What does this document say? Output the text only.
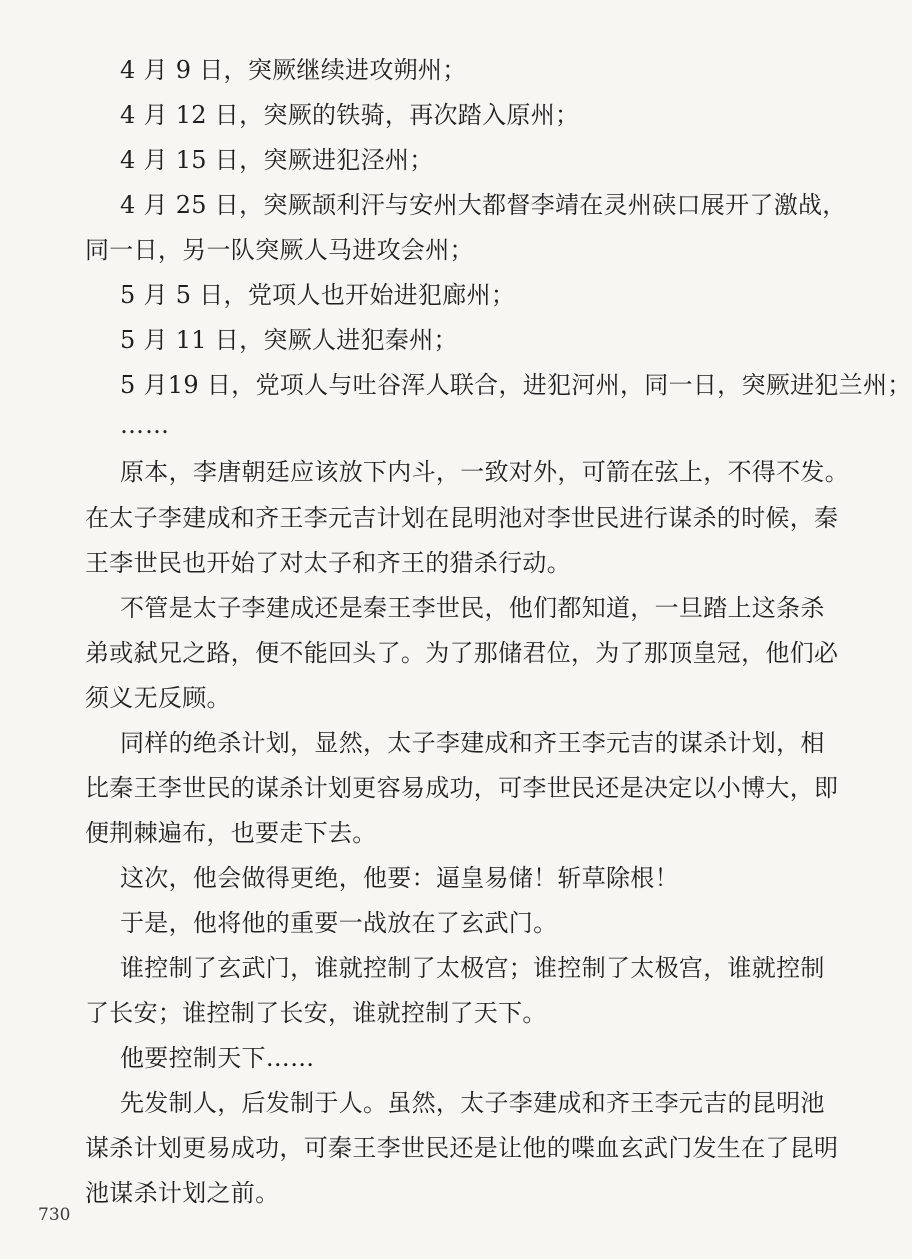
4 月 9 日，突厥继续进攻朔州；
4 月 12 日，突厥的铁骑，再次踏入原州；
4 月 15 日，突厥进犯泾州；
4 月 25 日，突厥颉利汗与安州大都督李靖在灵州硖口展开了激战，
同一日，另一队突厥人马进攻会州；
5 月 5 日，党项人也开始进犯廊州；
5 月 11 日，突厥人进犯秦州；
5 月19 日，党项人与吐谷浑人联合，进犯河州，同一日，突厥进犯兰州；
……
原本，李唐朝廷应该放下内斗，一致对外，可箭在弦上，不得不发。
在太子李建成和齐王李元吉计划在昆明池对李世民进行谋杀的时候，秦
王李世民也开始了对太子和齐王的猎杀行动。
不管是太子李建成还是秦王李世民，他们都知道，一旦踏上这条杀
弟或弑兄之路，便不能回头了。为了那储君位，为了那顶皇冠，他们必
须义无反顾。
同样的绝杀计划，显然，太子李建成和齐王李元吉的谋杀计划，相
比秦王李世民的谋杀计划更容易成功，可李世民还是决定以小博大，即
便荆棘遍布，也要走下去。
这次，他会做得更绝，他要：逼皇易储！斩草除根！
于是，他将他的重要一战放在了玄武门。
谁控制了玄武门，谁就控制了太极宫；谁控制了太极宫，谁就控制
了长安；谁控制了长安，谁就控制了天下。
他要控制天下……
先发制人，后发制于人。虽然，太子李建成和齐王李元吉的昆明池
谋杀计划更易成功，可秦王李世民还是让他的喋血玄武门发生在了昆明
池谋杀计划之前。
730
